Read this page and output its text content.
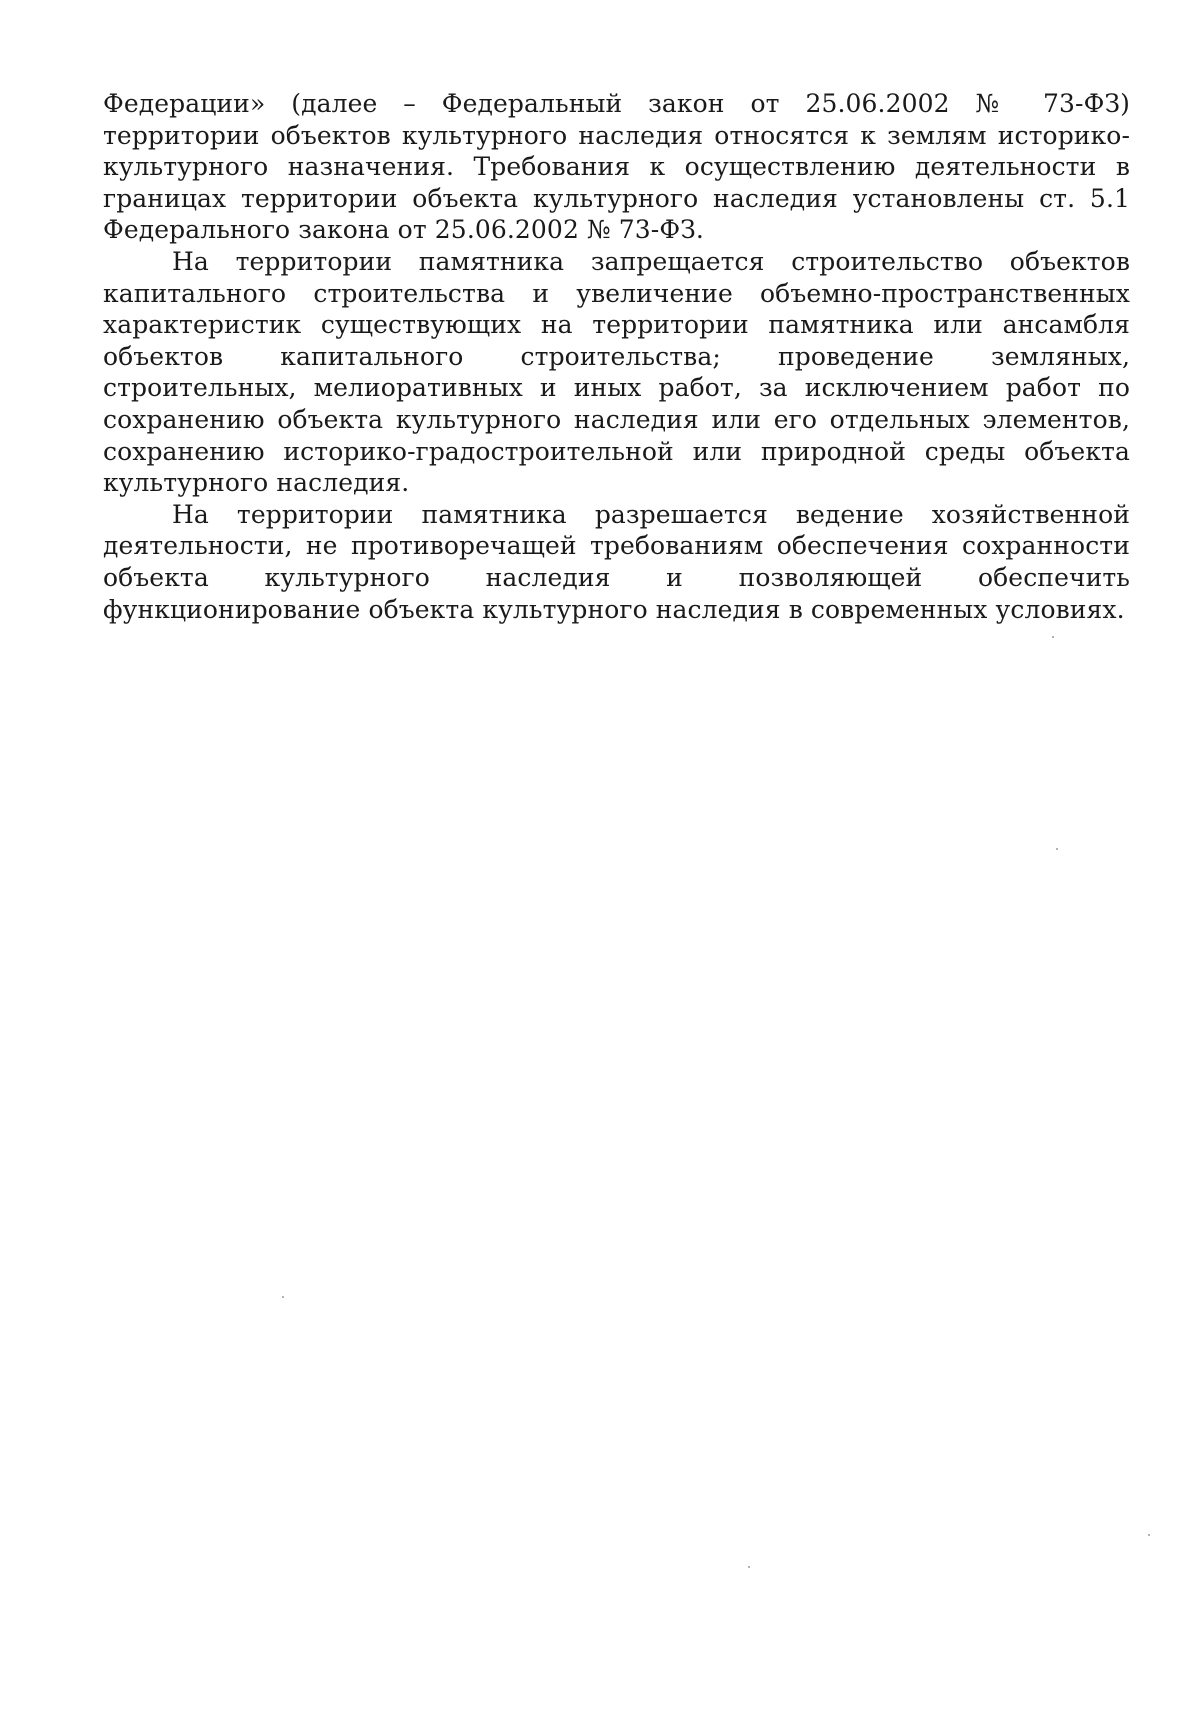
Федерации» (далее – Федеральный закон от 25.06.2002 № 73-ФЗ) территории объектов культурного наследия относятся к землям историко-культурного назначения. Требования к осуществлению деятельности в границах территории объекта культурного наследия установлены ст. 5.1 Федерального закона от 25.06.2002 № 73-ФЗ.

На территории памятника запрещается строительство объектов капитального строительства и увеличение объемно-пространственных характеристик существующих на территории памятника или ансамбля объектов капитального строительства; проведение земляных, строительных, мелиоративных и иных работ, за исключением работ по сохранению объекта культурного наследия или его отдельных элементов, сохранению историко-градостроительной или природной среды объекта культурного наследия.

На территории памятника разрешается ведение хозяйственной деятельности, не противоречащей требованиям обеспечения сохранности объекта культурного наследия и позволяющей обеспечить функционирование объекта культурного наследия в современных условиях.
